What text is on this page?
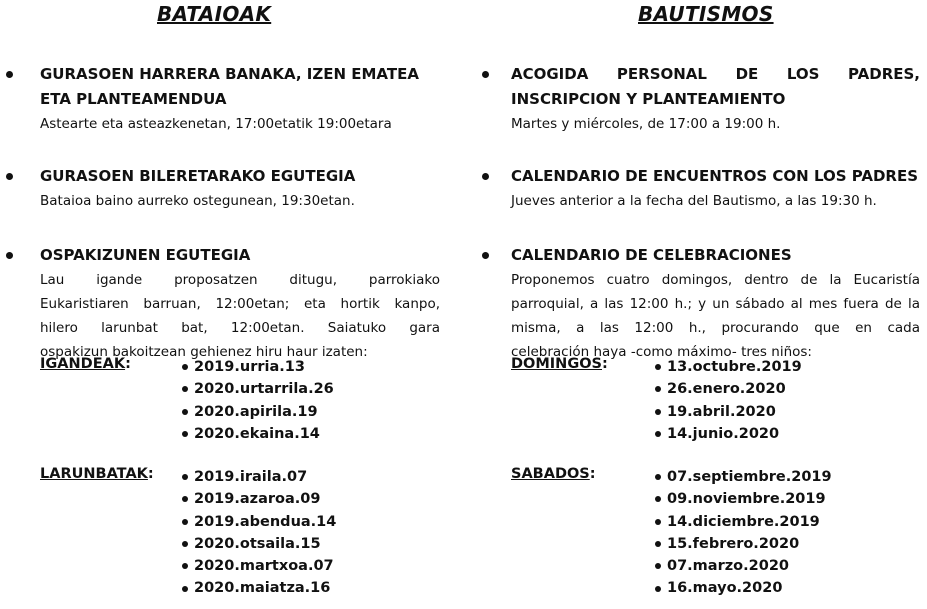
BATAIOAK

GURASOEN HARRERA BANAKA, IZEN EMATEA

ETA PLANTEAMENDUA

Astearte eta asteazkenetan, 17:00etatik 19:00etara

GURASOEN BILERETARAKO EGUTEGIA

Bataioa baino aurreko ostegunean, 19:30etan.

OSPAKIZUNEN EGUTEGIA

Lau igande proposatzen ditugu, parrokiako

Eukaristiaren barruan, 12:00etan; eta hortik kanpo,

hilero larunbat bat, 12:00etan. Saiatuko gara

ospakizun bakoitzean gehienez hiru haur izaten:

IGANDEAK:	2019.urria.13
2020.urtarrila.26
2020.apirila.19
2020.ekaina.14
LARUNBATAK:	2019.iraila.07
2019.azaroa.09
2019.abendua.14
2020.otsaila.15
2020.martxoa.07
2020.maiatza.16
BAUTISMOS

ACOGIDA PERSONAL DE LOS PADRES,

INSCRIPCION Y PLANTEAMIENTO

Martes y miércoles, de 17:00 a 19:00 h.

CALENDARIO DE ENCUENTROS CON LOS PADRES

Jueves anterior a la fecha del Bautismo, a las 19:30 h.

CALENDARIO DE CELEBRACIONES

Proponemos cuatro domingos, dentro de la Eucaristía

parroquial, a las 12:00 h.; y un sábado al mes fuera de la

misma, a las 12:00 h., procurando que en cada

celebración haya -como máximo- tres niños:

DOMINGOS:	13.octubre.2019
26.enero.2020
19.abril.2020
14.junio.2020
SABADOS:	07.septiembre.2019
09.noviembre.2019
14.diciembre.2019
15.febrero.2020
07.marzo.2020
16.mayo.2020
